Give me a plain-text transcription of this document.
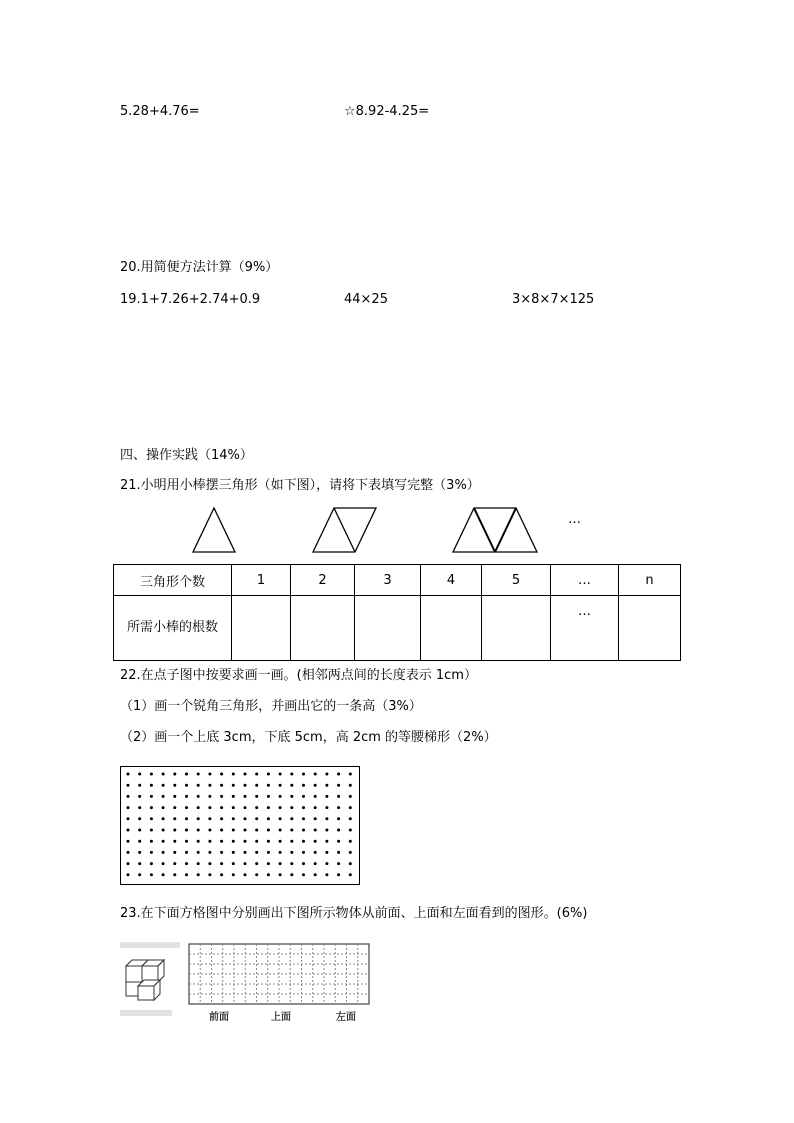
5.28+4.76=	☆8.92-4.25=
20.用简便方法计算（9%）
19.1+7.26+2.74+0.9	44×25	3×8×7×125
四、操作实践（14%）
21.小明用小棒摆三角形（如下图），请将下表填写完整（3%）
…
三角形个数	1	2	3	4	5	…	n
所需小棒的根数						…	
22.在点子图中按要求画一画。(相邻两点间的长度表示 1cm）
（1）画一个锐角三角形，并画出它的一条高（3%）
（2）画一个上底 3cm，下底 5cm，高 2cm 的等腰梯形（2%）
23.在下面方格图中分别画出下图所示物体从前面、上面和左面看到的图形。(6%)
前面	上面	左面
